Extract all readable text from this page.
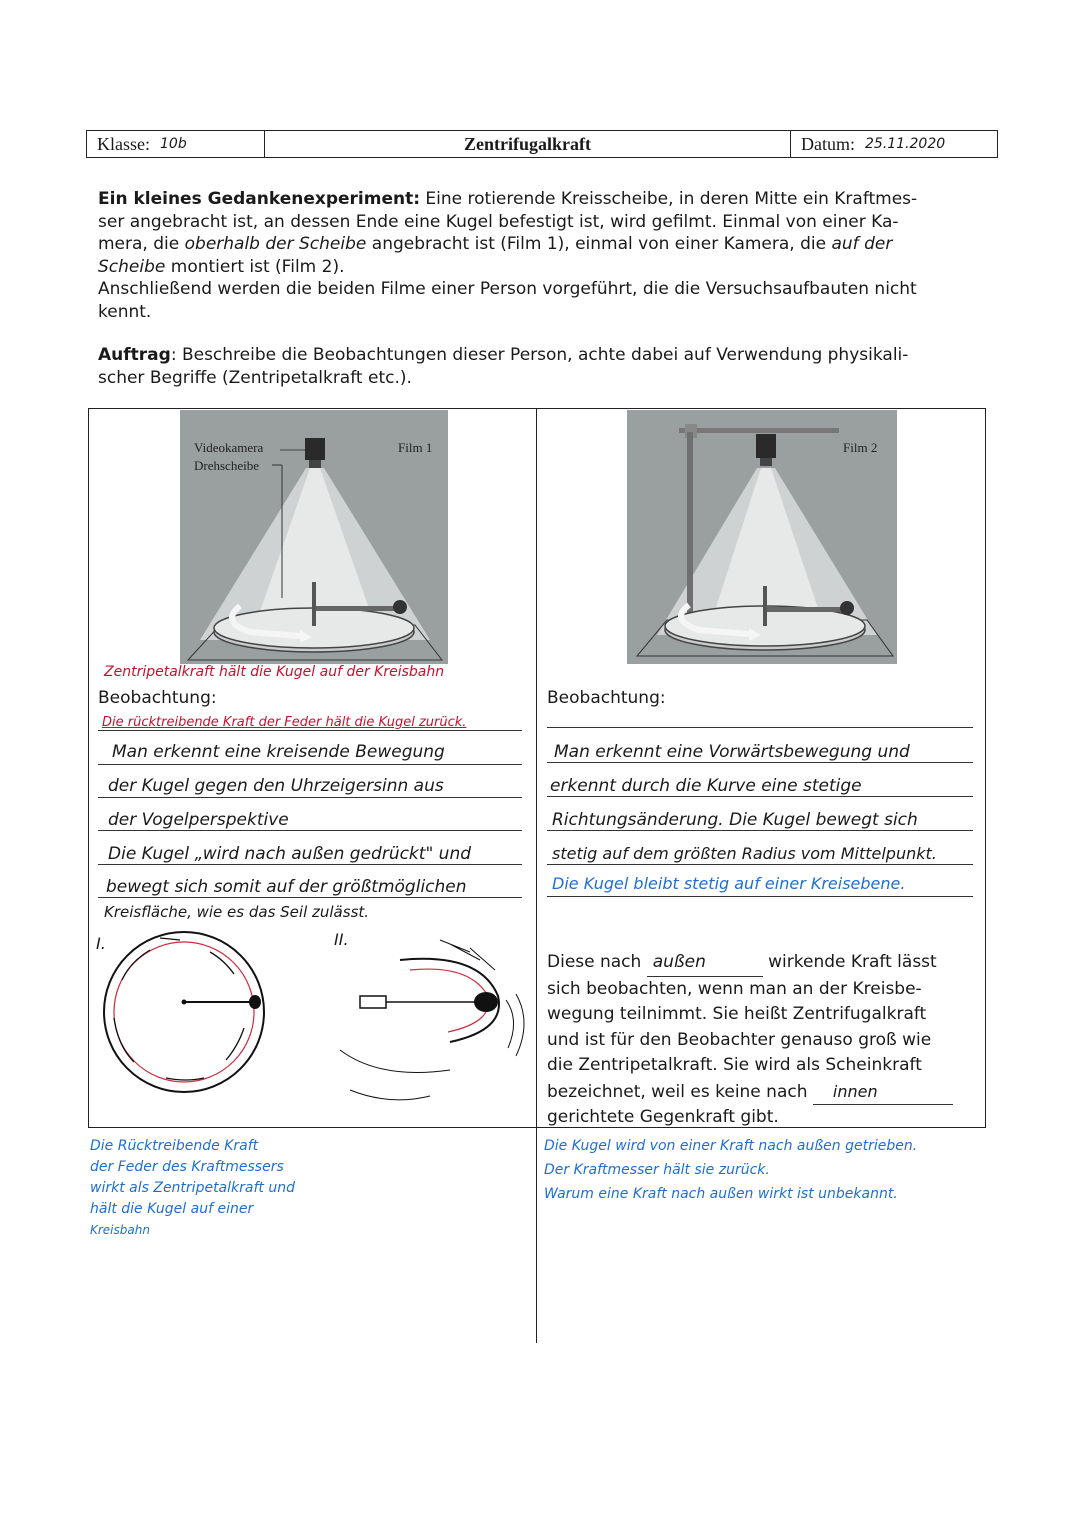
Klasse: 10b	Zentrifugalkraft	Datum: 25.11.2020
Ein kleines Gedankenexperiment: Eine rotierende Kreisscheibe, in deren Mitte ein Kraftmes-
ser angebracht ist, an dessen Ende eine Kugel befestigt ist, wird gefilmt. Einmal von einer Ka-
mera, die oberhalb der Scheibe angebracht ist (Film 1), einmal von einer Kamera, die auf der
Scheibe montiert ist (Film 2).
Anschließend werden die beiden Filme einer Person vorgeführt, die die Versuchsaufbauten nicht
kennt.
Auftrag: Beschreibe die Beobachtungen dieser Person, achte dabei auf Verwendung physikali-
scher Begriffe (Zentripetalkraft etc.).
Videokamera
Drehscheibe
Film 1	Film 2
Zentripetalkraft hält die Kugel auf der Kreisbahn
Beobachtung:
Die rücktreibende Kraft der Feder hält die Kugel zurück.
Man erkennt eine kreisende Bewegung
der Kugel gegen den Uhrzeigersinn aus
der Vogelperspektive
Die Kugel „wird nach außen gedrückt" und
bewegt sich somit auf der größtmöglichen
Kreisfläche, wie es das Seil zulässt.
I.	II.
Die Rücktreibende Kraft
der Feder des Kraftmessers
wirkt als Zentripetalkraft und
hält die Kugel auf einer
Kreisbahn
Beobachtung:
Man erkennt eine Vorwärtsbewegung und
erkennt durch die Kurve eine stetige
Richtungsänderung. Die Kugel bewegt sich
stetig auf dem größten Radius vom Mittelpunkt.
Die Kugel bleibt stetig auf einer Kreisebene.
Diese nach außen	wirkende Kraft lässt
sich beobachten, wenn man an der Kreisbe-
wegung teilnimmt. Sie heißt Zentrifugalkraft
und ist für den Beobachter genauso groß wie
die Zentripetalkraft. Sie wird als Scheinkraft
bezeichnet, weil es keine nach innen
gerichtete Gegenkraft gibt.
Die Kugel wird von einer Kraft nach außen getrieben.
Der Kraftmesser hält sie zurück.
Warum eine Kraft nach außen wirkt ist unbekannt.
